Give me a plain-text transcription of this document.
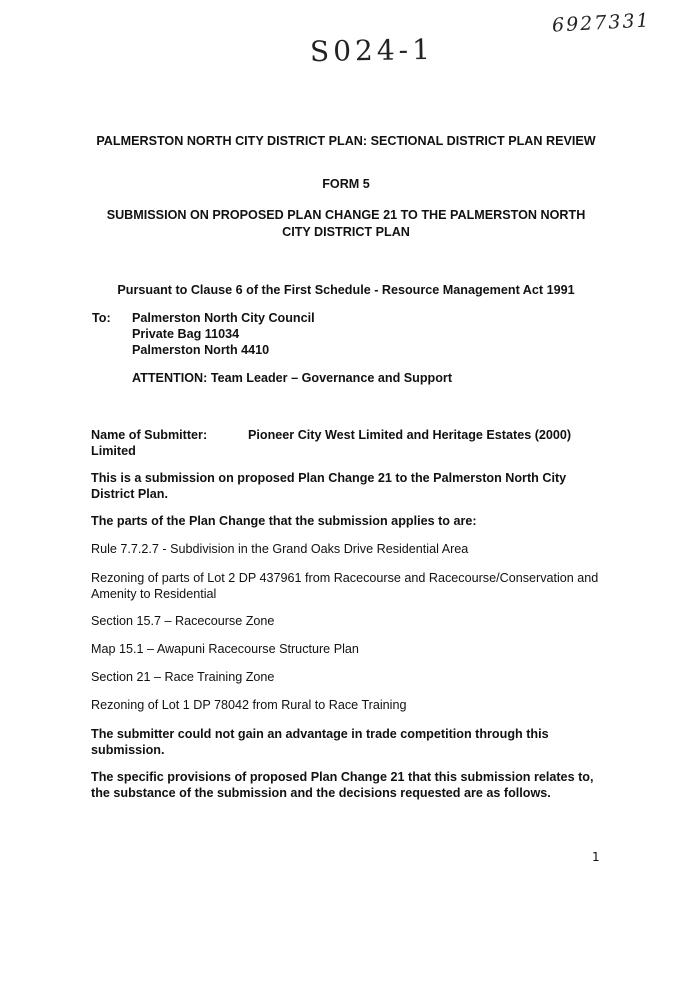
S024-1
6927331
PALMERSTON NORTH CITY DISTRICT PLAN: SECTIONAL DISTRICT PLAN REVIEW
FORM 5
SUBMISSION ON PROPOSED PLAN CHANGE 21 TO THE PALMERSTON NORTH CITY DISTRICT PLAN
Pursuant to Clause 6 of the First Schedule - Resource Management Act 1991
To: Palmerston North City Council
Private Bag 11034
Palmerston North 4410
ATTENTION: Team Leader – Governance and Support
Name of Submitter:	Pioneer City West Limited and Heritage Estates (2000)
Limited
This is a submission on proposed Plan Change 21 to the Palmerston North City District Plan.
The parts of the Plan Change that the submission applies to are:
Rule 7.7.2.7 - Subdivision in the Grand Oaks Drive Residential Area
Rezoning of parts of Lot 2 DP 437961 from Racecourse and Racecourse/Conservation and Amenity to Residential
Section 15.7 – Racecourse Zone
Map 15.1 – Awapuni Racecourse Structure Plan
Section 21 – Race Training Zone
Rezoning of Lot 1 DP 78042 from Rural to Race Training
The submitter could not gain an advantage in trade competition through this submission.
The specific provisions of proposed Plan Change 21 that this submission relates to, the substance of the submission and the decisions requested are as follows.
1
